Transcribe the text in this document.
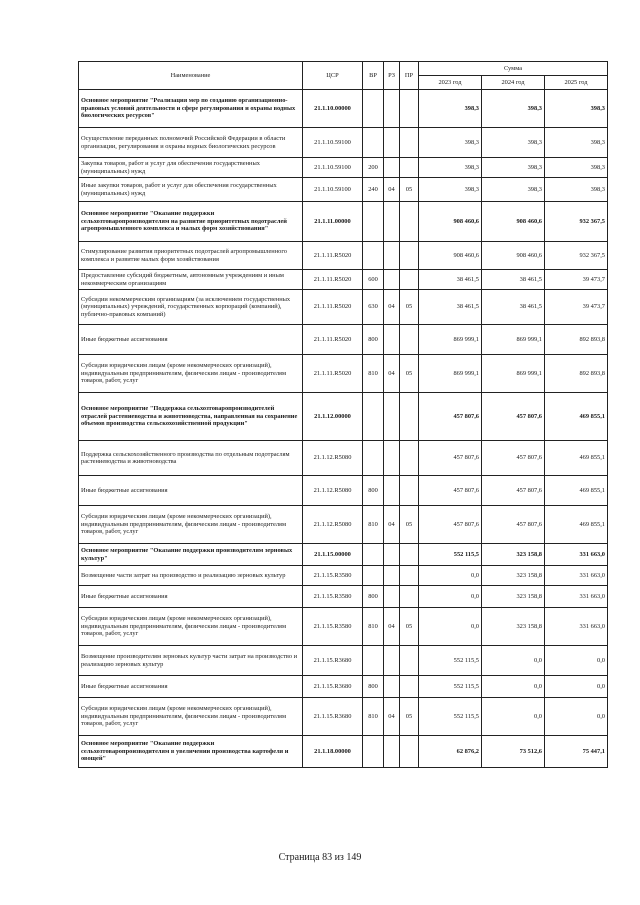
Наименование	ЦСР	ВР	РЗ	ПР	Сумма		
					2023 год	2024 год	2025 год
Основное мероприятие "Реализация мер по созданию организационно-правовых условий деятельности и сфере регулирования и охраны водных биологических ресурсов"	21.1.10.00000				398,3	398,3	398,3
Осуществление переданных полномочий Российской Федерации в области организации, регулирования и охраны водных биологических ресурсов	21.1.10.59100				398,3	398,3	398,3
Закупка товаров, работ и услуг для обеспечения государственных (муниципальных) нужд	21.1.10.59100	200			398,3	398,3	398,3
Иные закупки товаров, работ и услуг для обеспечения государственных (муниципальных) нужд	21.1.10.59100	240	04	05	398,3	398,3	398,3
Основное мероприятие "Оказание поддержки сельхозтоваропроизводителям на развитие приоритетных подотраслей агропромышленного комплекса и малых форм хозяйствования"	21.1.11.00000				908 460,6	908 460,6	932 367,5
Стимулирование развития приоритетных подотраслей агропромышленного комплекса и развитие малых форм хозяйствования	21.1.11.R5020				908 460,6	908 460,6	932 367,5
Предоставление субсидий бюджетным, автономным учреждениям и иным некоммерческим организациям	21.1.11.R5020	600			38 461,5	38 461,5	39 473,7
Субсидии некоммерческим организациям (за исключением государственных (муниципальных) учреждений, государственных корпораций (компаний), публично-правовых компаний)	21.1.11.R5020	630	04	05	38 461,5	38 461,5	39 473,7
Иные бюджетные ассигнования	21.1.11.R5020	800			869 999,1	869 999,1	892 893,8
Субсидии юридическим лицам (кроме некоммерческих организаций), индивидуальным предпринимателям, физическим лицам - производителям товаров, работ, услуг	21.1.11.R5020	810	04	05	869 999,1	869 999,1	892 893,8
Основное мероприятие "Поддержка сельхозтоваропроизводителей отраслей растениеводства и животноводства, направленная на сохранение объемов производства сельскохозяйственной продукции"	21.1.12.00000				457 807,6	457 807,6	469 855,1
Поддержка сельскохозяйственного производства по отдельным подотраслям растениеводства и животноводства	21.1.12.R5080				457 807,6	457 807,6	469 855,1
Иные бюджетные ассигнования	21.1.12.R5080	800			457 807,6	457 807,6	469 855,1
Субсидии юридическим лицам (кроме некоммерческих организаций), индивидуальным предпринимателям, физическим лицам - производителям товаров, работ, услуг	21.1.12.R5080	810	04	05	457 807,6	457 807,6	469 855,1
Основное мероприятие "Оказание поддержки производителям зерновых культур"	21.1.15.00000				552 115,5	323 158,8	331 663,0
Возмещение части затрат на производство и реализацию зерновых культур	21.1.15.R3580				0,0	323 158,8	331 663,0
Иные бюджетные ассигнования	21.1.15.R3580	800			0,0	323 158,8	331 663,0
Субсидии юридическим лицам (кроме некоммерческих организаций), индивидуальным предпринимателям, физическим лицам - производителям товаров, работ, услуг	21.1.15.R3580	810	04	05	0,0	323 158,8	331 663,0
Возмещение производителям зерновых культур части затрат на производство и реализацию зерновых культур	21.1.15.R3680				552 115,5	0,0	0,0
Иные бюджетные ассигнования	21.1.15.R3680	800			552 115,5	0,0	0,0
Субсидии юридическим лицам (кроме некоммерческих организаций), индивидуальным предпринимателям, физическим лицам - производителям товаров, работ, услуг	21.1.15.R3680	810	04	05	552 115,5	0,0	0,0
Основное мероприятие "Оказание поддержки сельхозтоваропроизводителям в увеличении производства картофеля и овощей"	21.1.18.00000				62 876,2	73 512,6	75 447,1
Страница 83 из 149
